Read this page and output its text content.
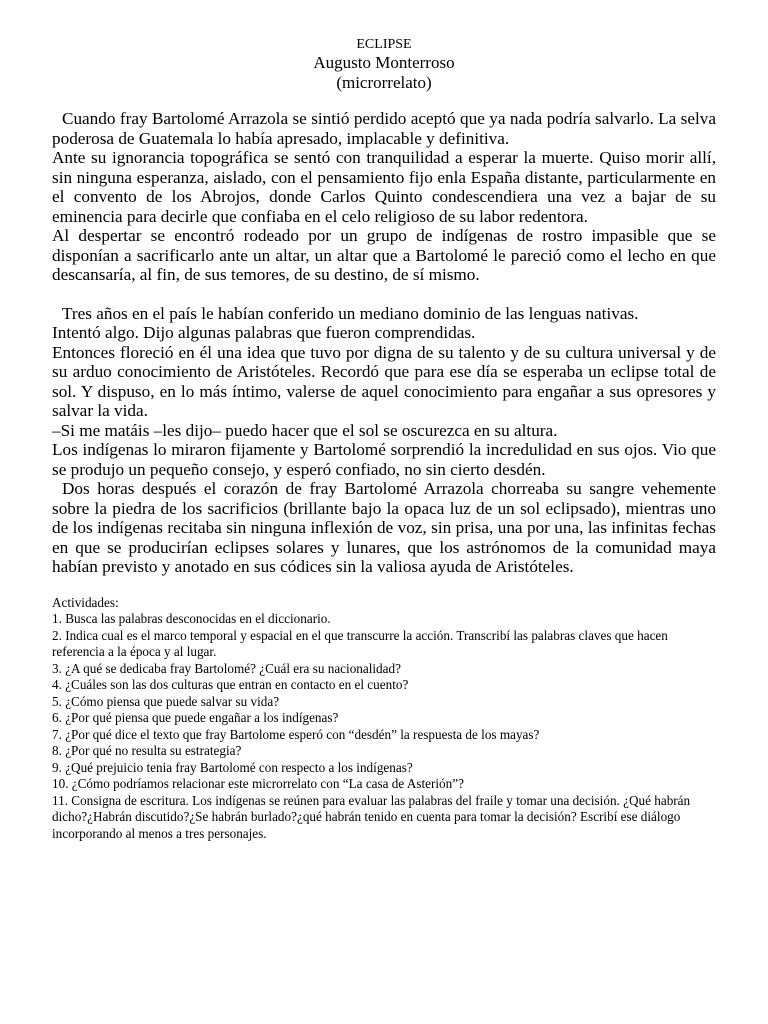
ECLIPSE
Augusto Monterroso
(microrrelato)

Cuando fray Bartolomé Arrazola se sintió perdido aceptó que ya nada podría salvarlo. La selva poderosa de Guatemala lo había apresado, implacable y definitiva.

Ante su ignorancia topográfica se sentó con tranquilidad a esperar la muerte. Quiso morir allí, sin ninguna esperanza, aislado, con el pensamiento fijo enla España distante, particularmente en el convento de los Abrojos, donde Carlos Quinto condescendiera una vez a bajar de su eminencia para decirle que confiaba en el celo religioso de su labor redentora.

Al despertar se encontró rodeado por un grupo de indígenas de rostro impasible que se disponían a sacrificarlo ante un altar, un altar que a Bartolomé le pareció como el lecho en que descansaría, al fin, de sus temores, de su destino, de sí mismo.

Tres años en el país le habían conferido un mediano dominio de las lenguas nativas.

Intentó algo. Dijo algunas palabras que fueron comprendidas.

Entonces floreció en él una idea que tuvo por digna de su talento y de su cultura universal y de su arduo conocimiento de Aristóteles. Recordó que para ese día se esperaba un eclipse total de sol. Y dispuso, en lo más íntimo, valerse de aquel conocimiento para engañar a sus opresores y salvar la vida.

–Si me matáis –les dijo– puedo hacer que el sol se oscurezca en su altura.

Los indígenas lo miraron fijamente y Bartolomé sorprendió la incredulidad en sus ojos. Vio que se produjo un pequeño consejo, y esperó confiado, no sin cierto desdén.

Dos horas después el corazón de fray Bartolomé Arrazola chorreaba su sangre vehemente sobre la piedra de los sacrificios (brillante bajo la opaca luz de un sol eclipsado), mientras uno de los indígenas recitaba sin ninguna inflexión de voz, sin prisa, una por una, las infinitas fechas en que se producirían eclipses solares y lunares, que los astrónomos de la comunidad maya habían previsto y anotado en sus códices sin la valiosa ayuda de Aristóteles.

Actividades:

1. Busca las palabras desconocidas en el diccionario.
2. Indica cual es el marco temporal y espacial en el que transcurre la acción. Transcribí las palabras claves que hacen referencia a la época y al lugar.
3. ¿A qué se dedicaba fray Bartolomé? ¿Cuál era su nacionalidad?
4. ¿Cuáles son las dos culturas que entran en contacto en el cuento?
5. ¿Cómo piensa que puede salvar su vida?
6. ¿Por qué piensa que puede engañar a los indígenas?
7. ¿Por qué dice el texto que fray Bartolome esperó con “desdén” la respuesta de los mayas?
8. ¿Por qué no resulta su estrategia?
9. ¿Qué prejuicio tenia fray Bartolomé con respecto a los indígenas?
10. ¿Cómo podríamos relacionar este microrrelato con “La casa de Asterión”?
11. Consigna de escritura. Los indígenas se reúnen para evaluar las palabras del fraile y tomar una decisión. ¿Qué habrán dicho?¿Habrán discutido?¿Se habrán burlado?¿qué habrán tenido en cuenta para tomar la decisión? Escribí ese diálogo incorporando al menos a tres personajes.
